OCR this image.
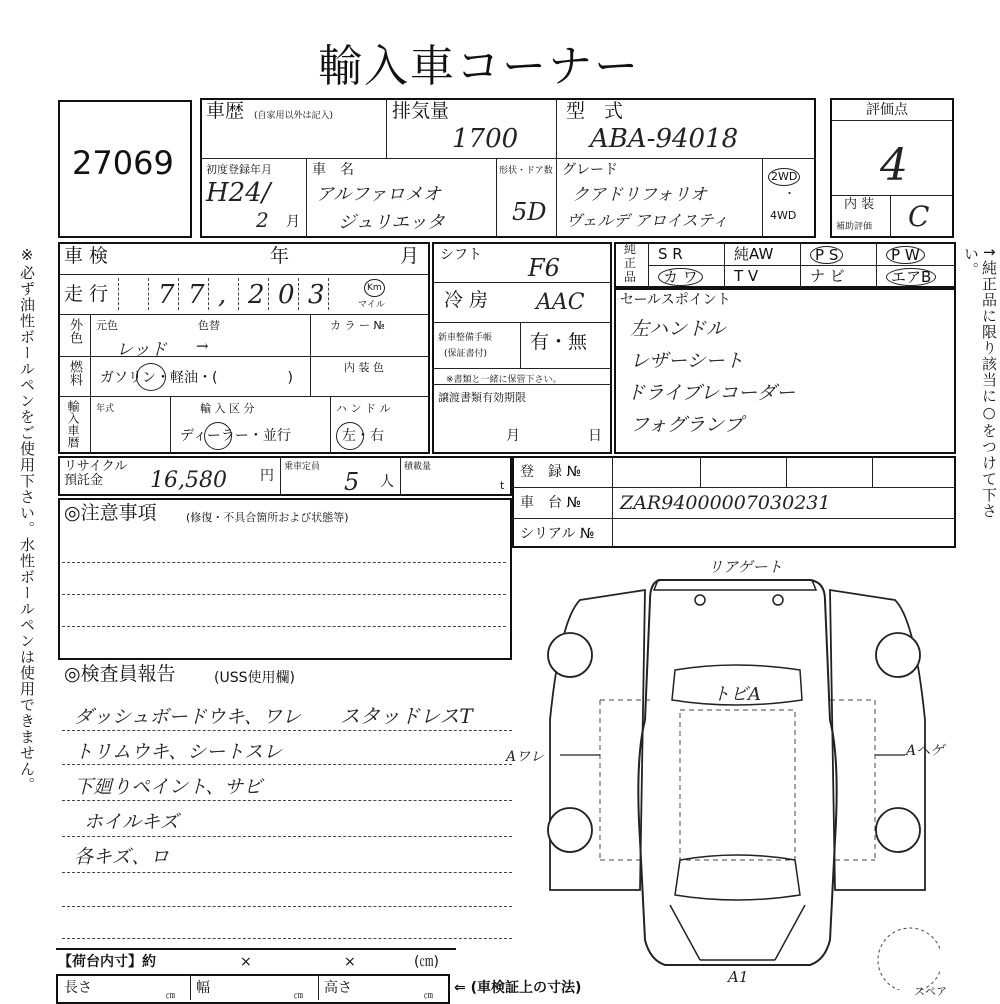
輸入車コーナー
27069
評価点
4
内 装
補助評価 C
車歴 (自家用以外は記入)	排気量
1700
型　式
ABA-94018
初度登録年月
H24/
2 月
車　名
アルファロメオ
ジュリエッタ
形状・ドア数
5D
グレード
クアドリフォリオ
ヴェルデ アロイスティ
2WD
・
4WD
※必ず油性ボールペンをご使用下さい。水性ボールペンは使用できません。	↑純正品に限り該当に○をつけて下さい。
車 検	年	月
走 行 7 7 , 2 0 3	Km
マイル
外色 元色	色替
レッド →
カ ラ ー №
燃料 ガソリン・軽油・(　　　　　)
内 装 色
輸入車暦 年式	輸 入 区 分
ディーラー・並行
ハ ン ド ル
左・右
シフト F6
冷 房 AAC
新車整備手帳
(保証書付)
有・無
※書類と一緒に保管下さい。
譲渡書類有効期限
月	日
純
正
品
S R	純AW	P S	P W
カ ワ	T V	ナ ビ	エアB
セールスポイント
左ハンドル
レザーシート
ドライブレコーダー
フォグランプ
リサイクル預託金	16,580 円
乗車定員
5 人
積載量
t
登　録 №
車　台 № ZAR94000007030231
シリアル №
◎注意事項	(修復・不具合箇所および状態等)
◎検査員報告	(USS使用欄)
ダッシュボードウキ、ワレ
トリムウキ、シートスレ
下廻りペイント、サビ
ホイルキズ
各キズ、ロ
スタッドレスT
【荷台内寸】約	×	×	(㎝)
長さ	㎝ 幅	㎝ 高さ	㎝ ⇐ (車検証上の寸法)
リアゲート
トビA
Aワレ	Aヘゲ
A1
スペア
